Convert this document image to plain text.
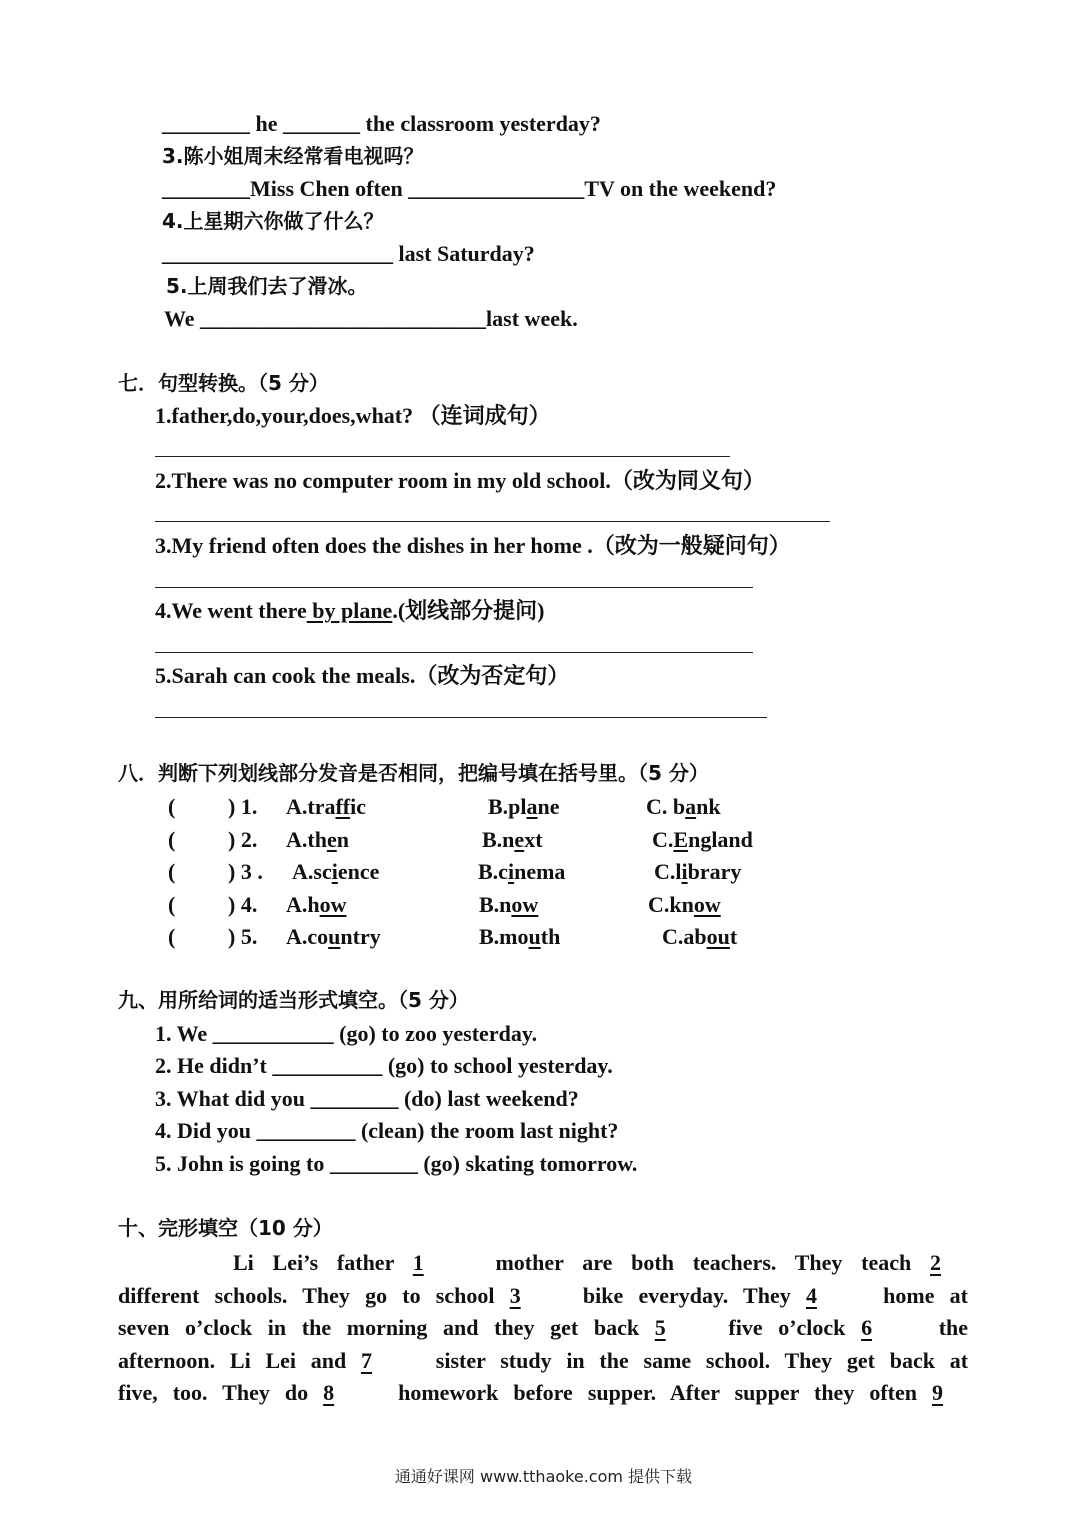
________ he _______ the classroom yesterday?
3.陈小姐周末经常看电视吗？
________Miss Chen often ________________TV on the weekend?
4.上星期六你做了什么？
_____________________ last Saturday?
5.上周我们去了滑冰。
We __________________________last week.
七．句型转换。（5 分）
1.father,do,your,does,what? （连词成句）
2.There was no computer room in my old school.（改为同义句）
3.My friend often does the dishes in her home .（改为一般疑问句）
4.We went there by plane.(划线部分提问)
5.Sarah can cook the meals.（改为否定句）
八．判断下列划线部分发音是否相同，把编号填在括号里。（5 分）
( ) 1. A.traffic	B.plane	C. bank
( ) 2. A.then	B.next	C.England
( ) 3 . A.science	B.cinema	C.library
( ) 4. A.how	B.now	C.know
( ) 5. A.country	B.mouth	C.about
九、用所给词的适当形式填空。（5 分）
1. We ___________ (go) to zoo yesterday.
2. He didn’t __________ (go) to school yesterday.
3. What did you ________ (do) last weekend?
4. Did you _________ (clean) the room last night?
5. John is going to ________ (go) skating tomorrow.
十、完形填空（10 分）
Li Lei’s father 1	mother are both teachers. They teach 2
different schools. They go to school 3	bike everyday. They 4	home at
seven o’clock in the morning and they get back 5	five o’clock 6	the
afternoon. Li Lei and 7	sister study in the same school. They get back at
five, too. They do 8	homework before supper. After supper they often 9
通通好课网 www.tthaoke.com 提供下载
